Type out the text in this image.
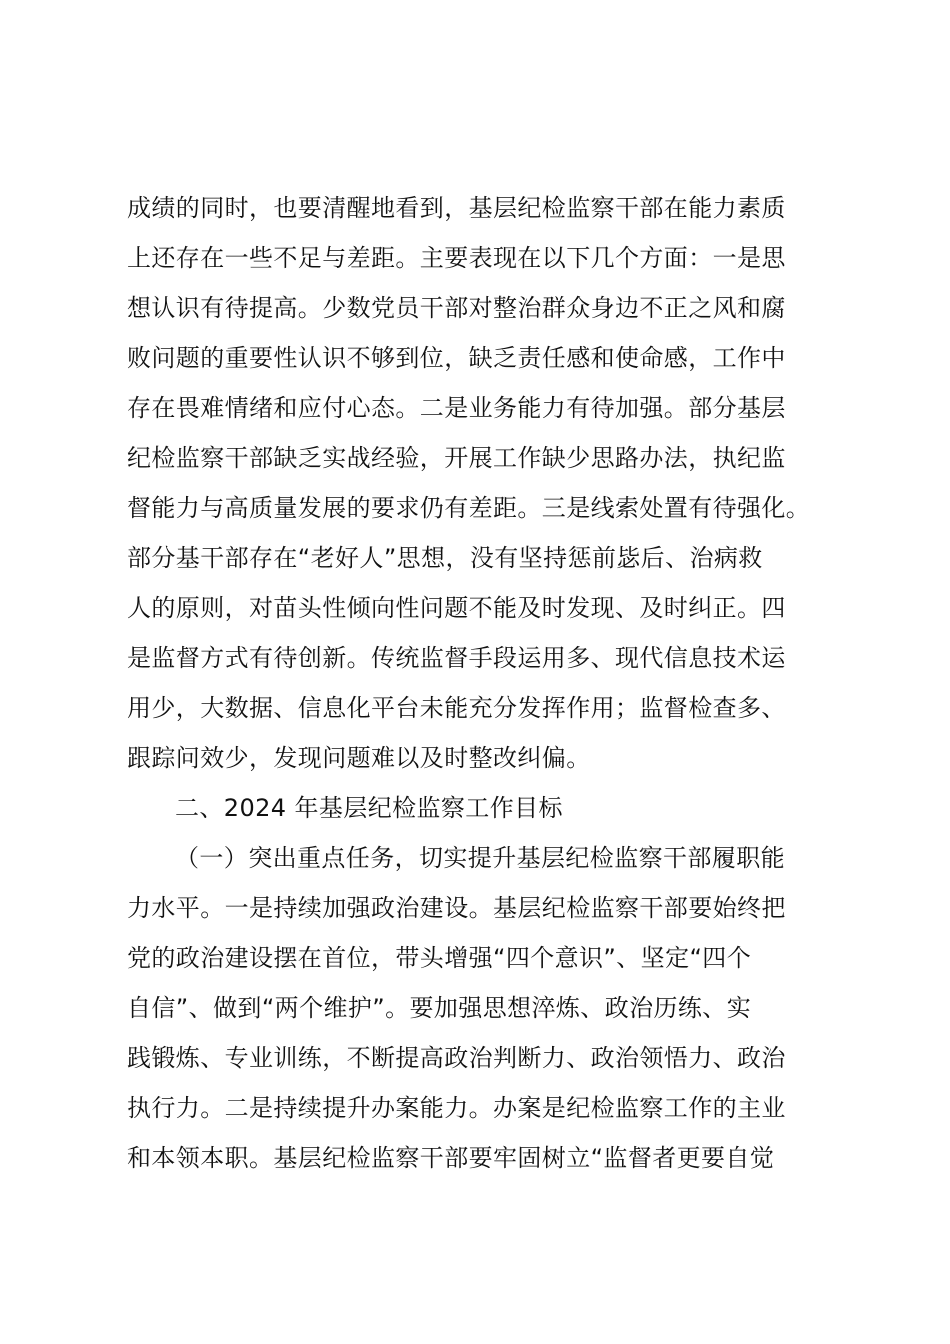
成绩的同时，也要清醒地看到，基层纪检监察干部在能力素质
上还存在一些不足与差距。主要表现在以下几个方面：一是思
想认识有待提高。少数党员干部对整治群众身边不正之风和腐
败问题的重要性认识不够到位，缺乏责任感和使命感，工作中
存在畏难情绪和应付心态。二是业务能力有待加强。部分基层
纪检监察干部缺乏实战经验，开展工作缺少思路办法，执纪监
督能力与高质量发展的要求仍有差距。三是线索处置有待强化。
部分基干部存在“老好人”思想，没有坚持惩前毖后、治病救
人的原则，对苗头性倾向性问题不能及时发现、及时纠正。四
是监督方式有待创新。传统监督手段运用多、现代信息技术运
用少，大数据、信息化平台未能充分发挥作用；监督检查多、
跟踪问效少，发现问题难以及时整改纠偏。
二、2024 年基层纪检监察工作目标
（一）突出重点任务，切实提升基层纪检监察干部履职能
力水平。一是持续加强政治建设。基层纪检监察干部要始终把
党的政治建设摆在首位，带头增强“四个意识”、坚定“四个
自信”、做到“两个维护”。要加强思想淬炼、政治历练、实
践锻炼、专业训练，不断提高政治判断力、政治领悟力、政治
执行力。二是持续提升办案能力。办案是纪检监察工作的主业
和本领本职。基层纪检监察干部要牢固树立“监督者更要自觉
